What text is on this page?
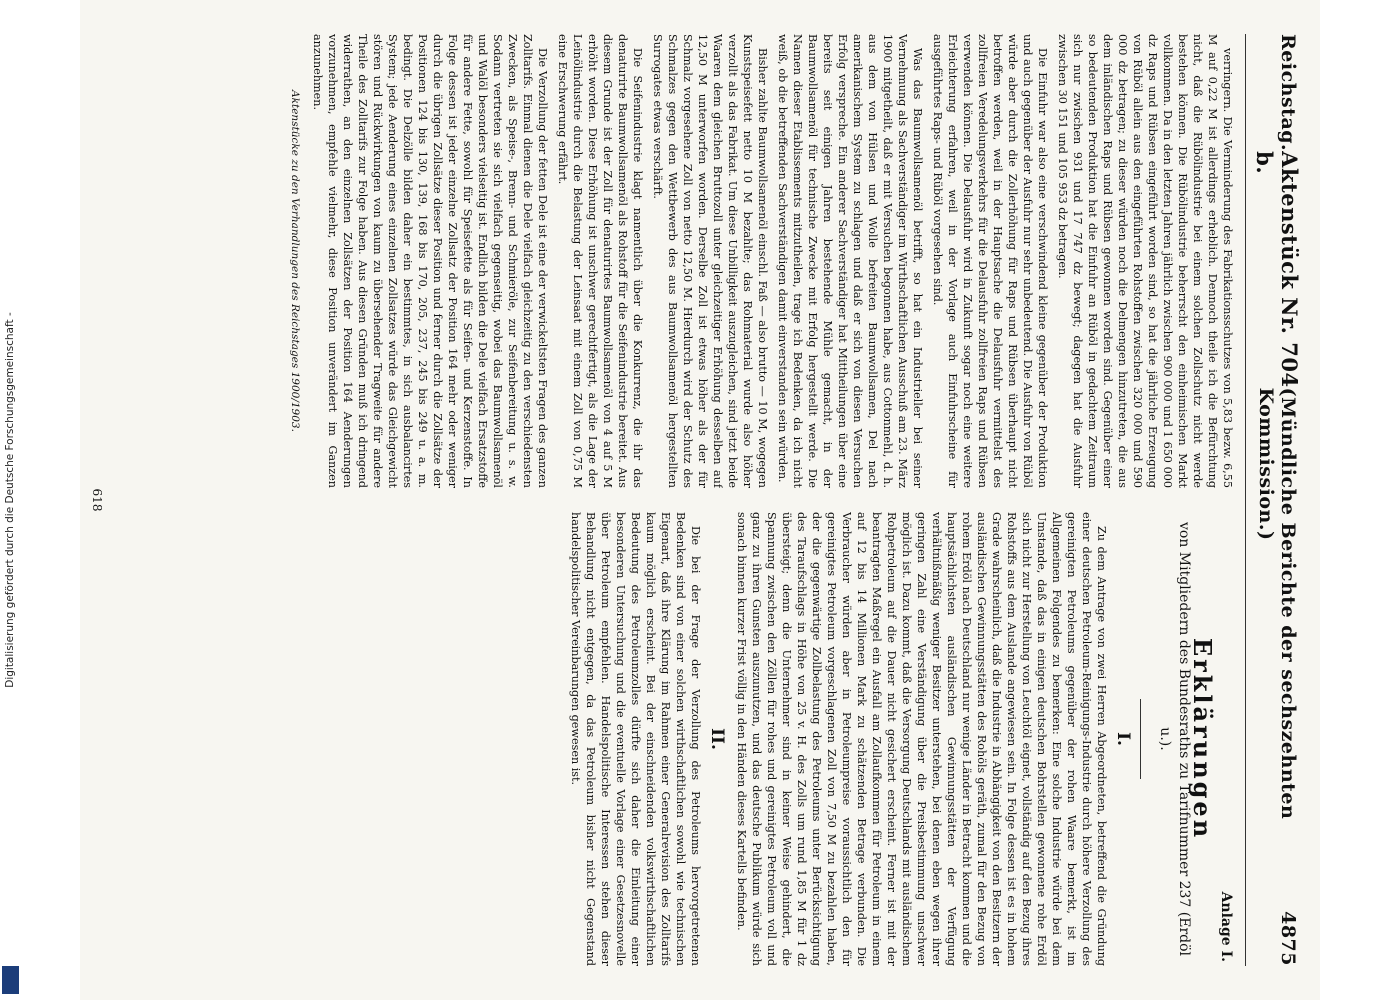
Digitalisierung gefördert durch die Deutsche Forschungsgemeinschaft -
Reichstag.
Aktenstück Nr. 704 b.
(Mündliche Berichte der sechszehnten Kommission.)
4875

verringern. Die Verminderung des Fabrikationsschutzes von 5,83 bezw. 6,55 M auf 0,22 M ist allerdings erheblich. Dennoch theile ich die Befürchtung nicht, daß die Rübölindustrie bei einem solchen Zollschutz nicht werde bestehen können. Die Rübölindustrie beherrscht den einheimischen Markt vollkommen. Da in den letzten Jahren jährlich zwischen 900 000 und 1 650 000 dz Raps und Rübsen eingeführt worden sind, so hat die jährliche Erzeugung von Rüböl allein aus den eingeführten Rohstoffen zwischen 320 000 und 590 000 dz betragen; zu dieser würden noch die Delmengen hinzutreten, die aus dem inländischen Raps und Rübsen gewonnen worden sind. Gegenüber einer so bedeutenden Produktion hat die Einfuhr an Rüböl in gedachtem Zeitraum sich nur zwischen 931 und 17 747 dz bewegt; dagegen hat die Ausfuhr zwischen 30 151 und 105 953 dz betragen.

Die Einfuhr war also eine verschwindend kleine gegenüber der Produktion und auch gegenüber der Ausfuhr nur sehr unbedeutend. Die Ausfuhr von Rüböl würde aber durch die Zollerhöhung für Raps und Rübsen überhaupt nicht betroffen werden, weil in der Hauptsache die Delausfuhr vermittelst des zollfreien Veredelungsverkehrs für die Delausfuhr zollfreien Raps und Rübsen verwenden können. Die Delausfuhr wird in Zukunft sogar noch eine weitere Erleichterung erfahren, weil in der Vorlage auch Einfuhrscheine für ausgeführtes Raps- und Rüböl vorgesehen sind.

Was das Baumwollsamenöl betrifft, so hat ein Industrieller bei seiner Vernehmung als Sachverständiger im Wirthschaftlichen Ausschuß am 23. März 1900 mitgetheilt, daß er mit Versuchen begonnen habe, aus Cottonmehl, d. h. aus dem von Hülsen und Wolle befreiten Baumwollsamen, Del nach amerikanischem System zu schlagen und daß er sich von diesen Versuchen Erfolg verspreche. Ein anderer Sachverständiger hat Mittheilungen über eine bereits seit einigen Jahren bestehende Mühle gemacht, in der Baumwollsamenöl für technische Zwecke mit Erfolg hergestellt werde. Die Namen dieser Etablissements mitzutheilen, trage ich Bedenken, da ich nicht weiß, ob die betreffenden Sachverständigen damit einverstanden sein würden.

Bisher zahlte Baumwollsamenöl einschl. Faß — also brutto — 10 M, wogegen Kunstspeisefett netto 10 M bezahlte; das Rohmaterial wurde also höher verzollt als das Fabrikat. Um diese Unbilligkeit auszugleichen, sind jetzt beide Waaren dem gleichen Bruttozoll unter gleichzeitiger Erhöhung desselben auf 12,50 M unterworfen worden. Derselbe Zoll ist etwas höher als der für Schmalz vorgesehene Zoll von netto 12,50 M. Hierdurch wird der Schutz des Schmalzes gegen den Wettbewerb des aus Baumwollsamenöl hergestellten Surrogates etwas verschärft.

Die Seifenindustrie klagt namentlich über die Konkurrenz, die ihr das denaturirte Baumwollsamenöl als Rohstoff für die Seifenindustrie bereitet. Aus diesem Grunde ist der Zoll für denaturirtes Baumwollsamenöl von 4 auf 5 M erhöht worden. Diese Erhöhung ist unschwer gerechtfertigt, als die Lage der Leinölindustrie durch die Belastung der Leinsaat mit einem Zoll von 0,75 M eine Erschwerung erfährt.

Die Verzollung der fetten Dele ist eine der verwickeltsten Fragen des ganzen Zolltarifs. Einmal dienen die Dele vielfach gleichzeitig zu den verschiedensten Zwecken, als Speise-, Brenn- und Schmieröle, zur Seifenbereitung u. s. w. Sodann vertreten sie sich vielfach gegenseitig, wobei das Baumwollsamenöl und Walöl besonders vielseitig ist. Endlich bilden die Dele vielfach Ersatzstoffe für andere Fette, sowohl für Speisefette als für Seifen- und Kerzenstoffe. In Folge dessen ist jeder einzelne Zollsatz der Position 164 mehr oder weniger durch die übrigen Zollsätze dieser Position und ferner durch die Zollsätze der Positionen 124 bis 130, 139, 168 bis 170, 205, 237, 245 bis 249 u. a. m. bedingt. Die Delzölle bilden daher ein bestimmtes, in sich ausbalancirtes System; jede Aenderung eines einzelnen Zollsatzes würde das Gleichgewicht stören und Rückwirkungen von kaum zu übersehender Tragweite für andere Theile des Zolltarifs zur Folge haben. Aus diesen Gründen muß ich dringend widerrathen, an den einzelnen Zollsätzen der Position 164 Aenderungen vorzunehmen, empfehle vielmehr, diese Position unverändert im Ganzen anzunehmen.

Aktenstücke zu den Verhandlungen des Reichstages 1900/1903.
Anlage I.
Erklärungen
von Mitgliedern des Bundesraths zu Tarifnummer 237 (Erdöl u.).
I.

Zu dem Antrage von zwei Herren Abgeordneten, betreffend die Gründung einer deutschen Petroleum-Reinigungs-Industrie durch höhere Verzollung des gereinigten Petroleums gegenüber der rohen Waare bemerkt, ist im Allgemeinen Folgendes zu bemerken: Eine solche Industrie würde bei dem Umstande, daß das in einigen deutschen Bohrstellen gewonnene rohe Erdöl sich nicht zur Herstellung von Leuchtöl eignet, vollständig auf den Bezug ihres Rohstoffs aus dem Auslande angewiesen sein. In Folge dessen ist es in hohem Grade wahrscheinlich, daß die Industrie in Abhängigkeit von den Besitzern der ausländischen Gewinnungsstätten des Rohöls geräth, zumal für den Bezug von rohem Erdöl nach Deutschland nur wenige Länder in Betracht kommen und die hauptsächlichsten ausländischen Gewinnungsstätten der Verfügung verhältnißmäßig weniger Besitzer unterstehen, bei denen eben wegen ihrer geringen Zahl eine Verständigung über die Preisbestimmung unschwer möglich ist. Dazu kommt, daß die Versorgung Deutschlands mit ausländischem Rohpetroleum auf die Dauer nicht gesichert erscheint. Ferner ist mit der beantragten Maßregel ein Ausfall am Zollaufkommen für Petroleum in einem auf 12 bis 14 Millionen Mark zu schätzenden Betrage verbunden. Die Verbraucher würden aber in Petroleumpreise voraussichtlich den für gereinigtes Petroleum vorgeschlagenen Zoll von 7,50 M zu bezahlen haben, der die gegenwärtige Zollbelastung des Petroleums unter Berücksichtigung des Taraufschlags in Höhe von 25 v. H. des Zolls um rund 1,85 M für 1 dz übersteigt; denn die Unternehmer sind in keiner Weise gehindert, die Spannung zwischen den Zöllen für rohes und gereinigtes Petroleum voll und ganz zu ihren Gunsten auszunutzen, und das deutsche Publikum würde sich sonach binnen kurzer Frist völlig in den Händen dieses Kartells befinden.

II.

Die bei der Frage der Verzollung des Petroleums hervorgetretenen Bedenken sind von einer solchen wirthschaftlichen sowohl wie technischen Eigenart, daß ihre Klärung im Rahmen einer Generalrevision des Zolltarifs kaum möglich erscheint. Bei der einschneidenden volkswirthschaftlichen Bedeutung des Petroleumzolles dürfte sich daher die Einleitung einer besonderen Untersuchung und die eventuelle Vorlage einer Gesetzesnovelle über Petroleum empfehlen. Handelspolitische Interessen stehen dieser Behandlung nicht entgegen, da das Petroleum bisher nicht Gegenstand handelspolitischer Vereinbarungen gewesen ist.

618
